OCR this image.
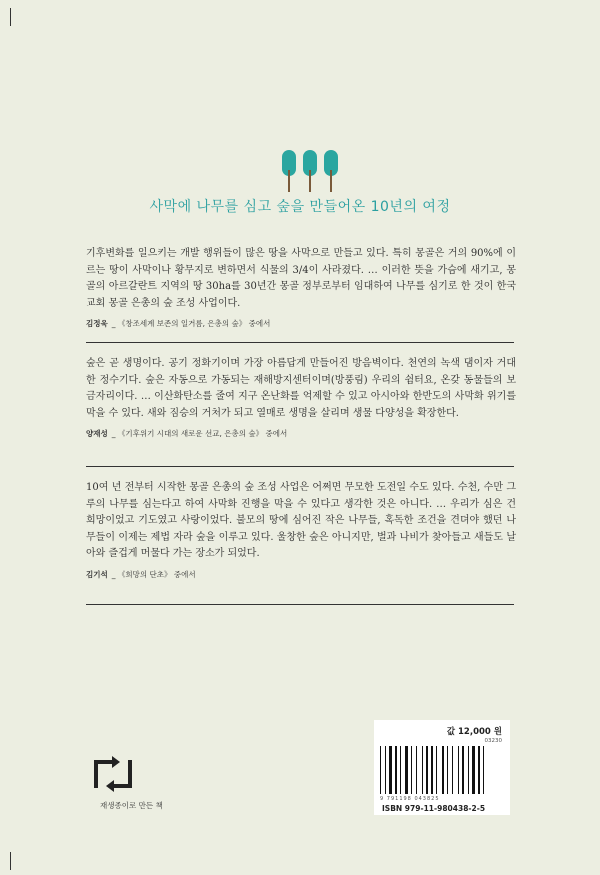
사막에 나무를 심고 숲을 만들어온 10년의 여정

기후변화를 일으키는 개발 행위들이 많은 땅을 사막으로 만들고 있다. 특히 몽골은 거의 90%에 이르는 땅이 사막이나 황무지로 변하면서 식물의 3/4이 사라졌다. … 이러한 뜻을 가슴에 새기고, 몽골의 아르갈란트 지역의 땅 30ha를 30년간 몽골 정부로부터 임대하여 나무를 심기로 한 것이 한국교회 몽골 은총의 숲 조성 사업이다.

김정욱 _ 《창조세계 보존의 일거름, 은총의 숲》 중에서

숲은 곧 생명이다. 공기 정화기이며 가장 아름답게 만들어진 방음벽이다. 천연의 녹색 댐이자 거대한 정수기다. 숲은 자동으로 가동되는 재해방지센터이며(방풍림) 우리의 쉼터요, 온갖 동물들의 보금자리이다. … 이산화탄소를 줄여 지구 온난화를 억제할 수 있고 아시아와 한반도의 사막화 위기를 막을 수 있다. 새와 짐승의 거처가 되고 열매로 생명을 살리며 생물 다양성을 확장한다.

양재성 _ 《기후위기 시대의 새로운 선교, 은총의 숲》 중에서

10여 년 전부터 시작한 몽골 은총의 숲 조성 사업은 어쩌면 무모한 도전일 수도 있다. 수천, 수만 그루의 나무를 심는다고 하여 사막화 진행을 막을 수 있다고 생각한 것은 아니다. … 우리가 심은 건 희망이었고 기도였고 사랑이었다. 불모의 땅에 심어진 작은 나무들, 혹독한 조건을 견뎌야 했던 나무들이 이제는 제법 자라 숲을 이루고 있다. 울창한 숲은 아니지만, 벌과 나비가 찾아들고 새들도 날아와 즐겁게 머물다 가는 장소가 되었다.

김기석 _ 《희망의 단초》 중에서
재생종이로 만든 책
값 12,000 원
03230
9 791198 043825
ISBN 979-11-980438-2-5
